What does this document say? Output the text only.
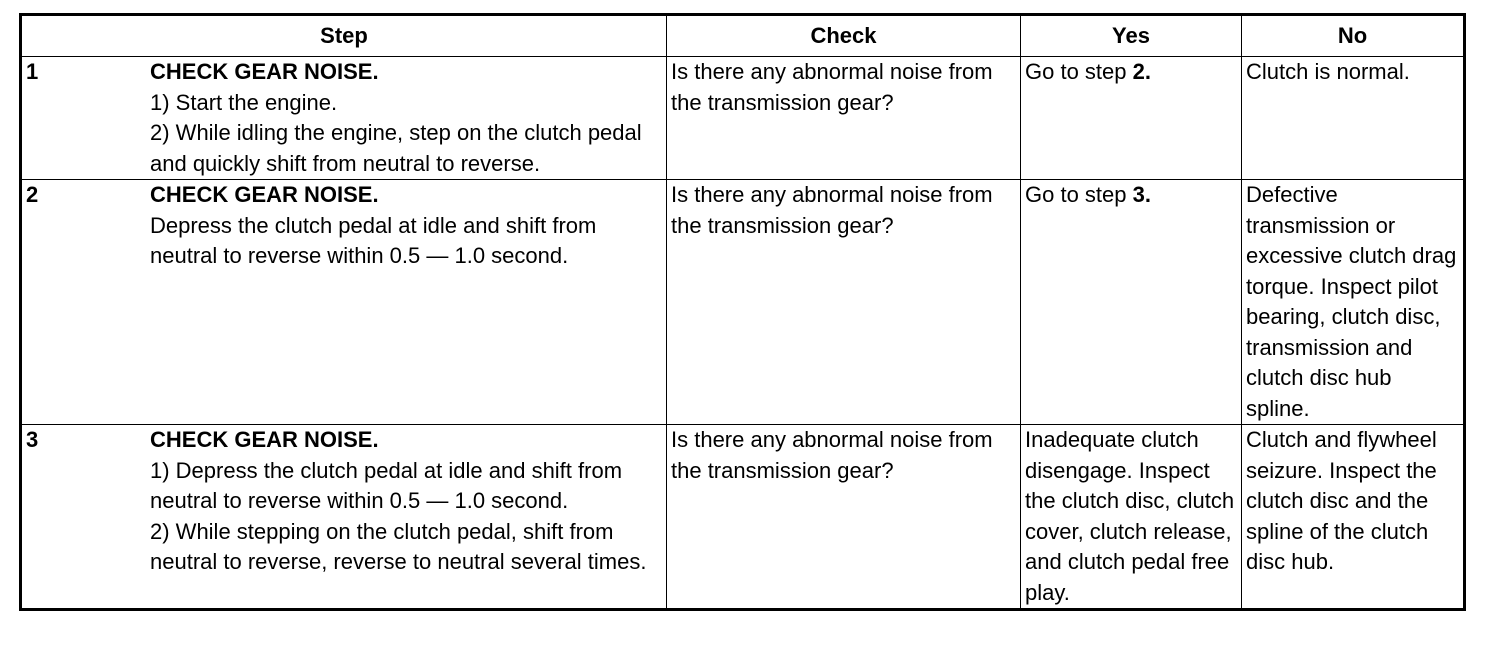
Step	Check	Yes	No

1 CHECK GEAR NOISE.
1) Start the engine.
2) While idling the engine, step on the clutch pedal and quickly shift from neutral to reverse.	Is there any abnormal noise from the transmission gear?	Go to step 2.	Clutch is normal.

2 CHECK GEAR NOISE.
Depress the clutch pedal at idle and shift from neutral to reverse within 0.5 — 1.0 second.	Is there any abnormal noise from the transmission gear?	Go to step 3.	Defective transmission or excessive clutch drag torque. Inspect pilot bearing, clutch disc, transmission and clutch disc hub spline.

3 CHECK GEAR NOISE.
1) Depress the clutch pedal at idle and shift from neutral to reverse within 0.5 — 1.0 second.
2) While stepping on the clutch pedal, shift from neutral to reverse, reverse to neutral several times.	Is there any abnormal noise from the transmission gear?	Inadequate clutch disengage. Inspect the clutch disc, clutch cover, clutch release, and clutch pedal free play.	Clutch and flywheel seizure. Inspect the clutch disc and the spline of the clutch disc hub.
